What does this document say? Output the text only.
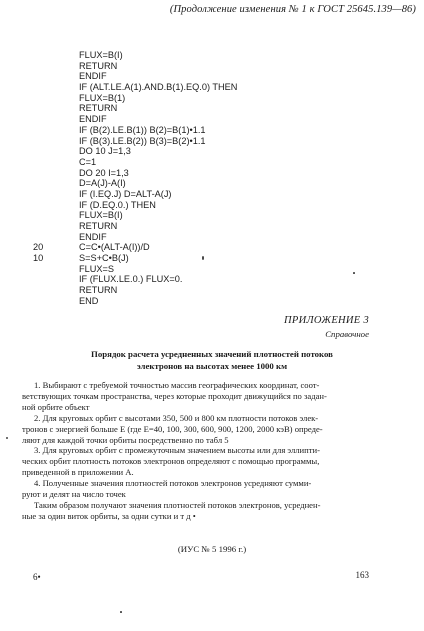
(Продолжение изменения № 1 к ГОСТ 25645.139—86)
FLUX=B(I)
RETURN
ENDIF
IF (ALT.LE.A(1).AND.B(1).EQ.0) THEN
FLUX=B(1)
RETURN
ENDIF
IF (B(2).LE.B(1)) B(2)=B(1)•1.1
IF (B(3).LE.B(2)) B(3)=B(2)•1.1
DO 10 J=1,3
C=1
DO 20 I=1,3
D=A(J)-A(I)
IF (I.EQ.J) D=ALT-A(J)
IF (D.EQ.0.) THEN
FLUX=B(I)
RETURN
ENDIF
20	C=C•(ALT-A(I))/D
10	S=S+C•B(J)
FLUX=S
IF (FLUX.LE.0.) FLUX=0.
RETURN
END
ПРИЛОЖЕНИЕ 3
Справочное
Порядок расчета усредненных значений плотностей потоков
электронов на высотах менее 1000 км
1. Выбирают с требуемой точностью массив географических координат, соот-
ветствующих точкам пространства, через которые проходит движущийся по задан-
ной орбите объект
2. Для круговых орбит с высотами 350, 500 и 800 км плотности потоков элек-
тронов с энергией больше E (где E=40, 100, 300, 600, 900, 1200, 2000 кэВ) опреде-
ляют для каждой точки орбиты посредственно по табл 5
3. Для круговых орбит с промежуточным значением высоты или для эллипти-
ческих орбит плотность потоков электронов определяют с помощью программы,
приведенной в приложении А.
4. Полученные значения плотностей потоков электронов усредняют сумми-
руют и делят на число точек
Таким образом получают значения плотностей потоков электронов, усреднен-
ные за один виток орбиты, за одни сутки и т д •
(ИУС № 5 1996 г.)
6•	163
